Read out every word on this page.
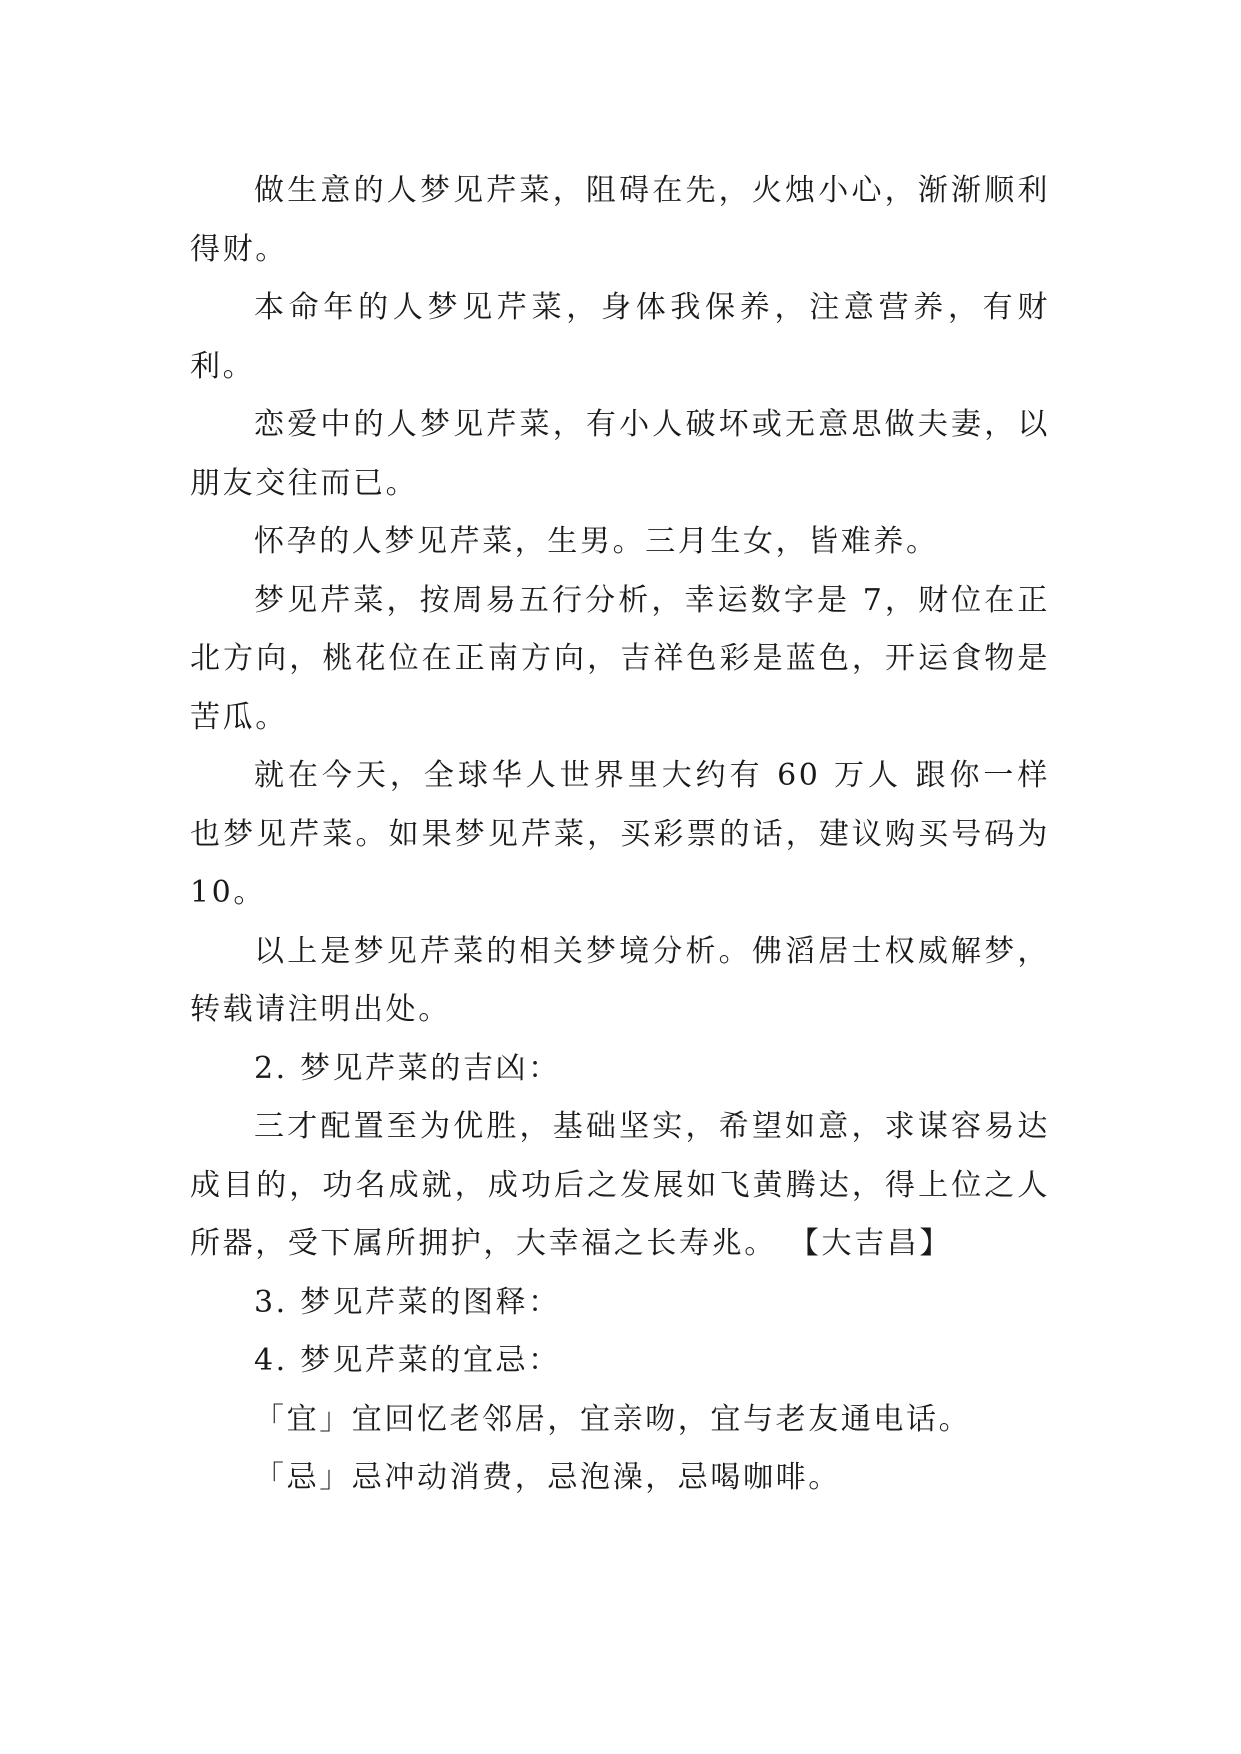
做生意的人梦见芹菜，阻碍在先，火烛小心，渐渐顺利得财。

本命年的人梦见芹菜，身体我保养，注意营养，有财利。

恋爱中的人梦见芹菜，有小人破坏或无意思做夫妻，以朋友交往而已。

怀孕的人梦见芹菜，生男。三月生女，皆难养。

梦见芹菜，按周易五行分析，幸运数字是 7，财位在正北方向，桃花位在正南方向，吉祥色彩是蓝色，开运食物是苦瓜。

就在今天，全球华人世界里大约有 60 万人 跟你一样也梦见芹菜。如果梦见芹菜，买彩票的话，建议购买号码为 10。

以上是梦见芹菜的相关梦境分析。佛滔居士权威解梦，转载请注明出处。

2. 梦见芹菜的吉凶：

三才配置至为优胜，基础坚实，希望如意，求谋容易达成目的，功名成就，成功后之发展如飞黄腾达，得上位之人所器，受下属所拥护，大幸福之长寿兆。 【大吉昌】

3. 梦见芹菜的图释：

4. 梦见芹菜的宜忌：

「宜」宜回忆老邻居，宜亲吻，宜与老友通电话。

「忌」忌冲动消费，忌泡澡，忌喝咖啡。
